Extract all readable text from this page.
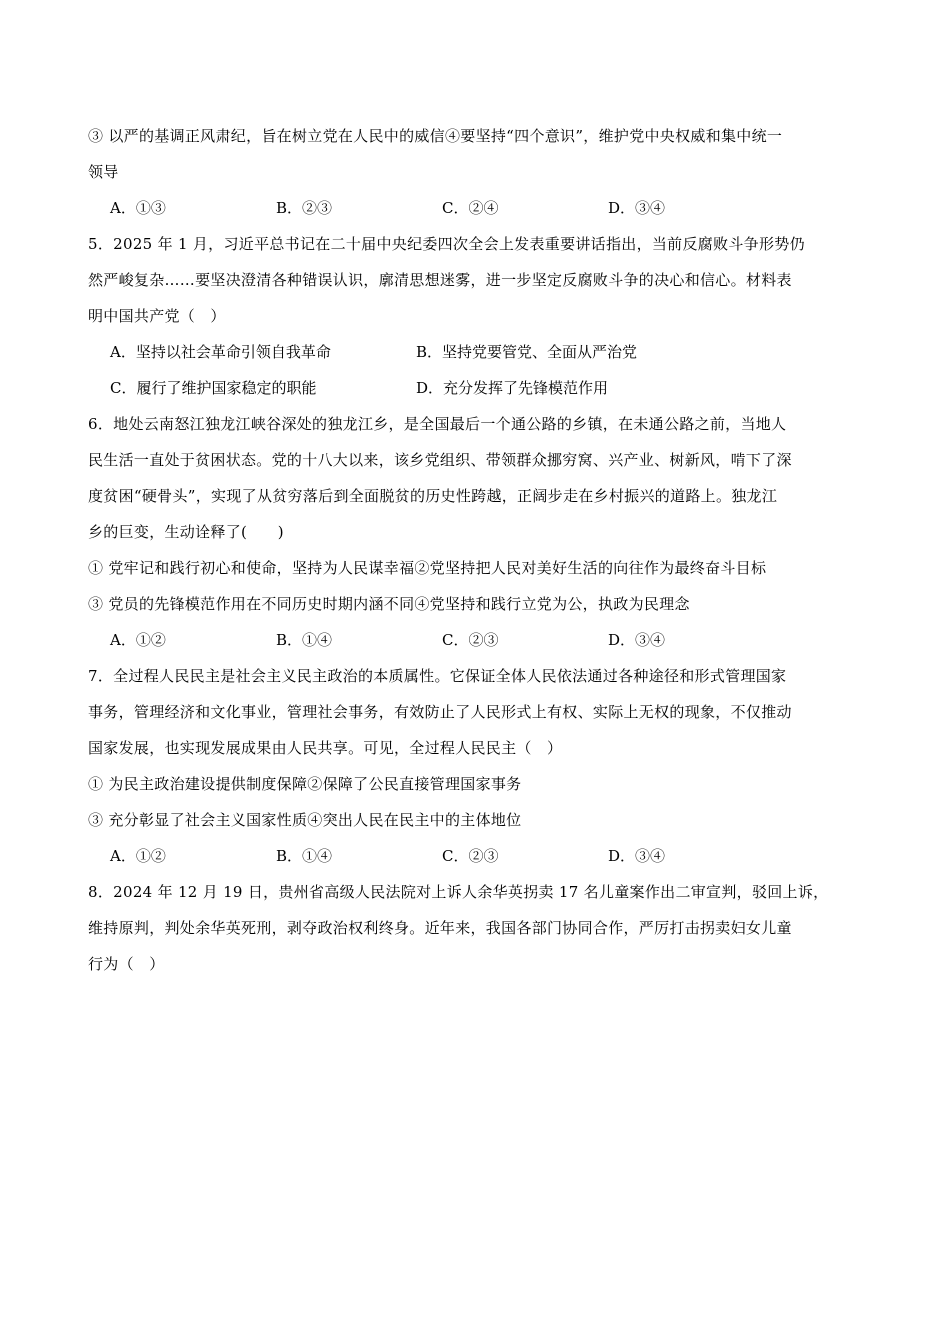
③ 以严的基调正风肃纪，旨在树立党在人民中的威信④要坚持“四个意识”，维护党中央权威和集中统一
领导
A．①③	B．②③	C．②④	D．③④
5．2025 年 1 月，习近平总书记在二十届中央纪委四次全会上发表重要讲话指出，当前反腐败斗争形势仍
然严峻复杂……要坚决澄清各种错误认识，廓清思想迷雾，进一步坚定反腐败斗争的决心和信心。材料表
明中国共产党（　）
A．坚持以社会革命引领自我革命	B．坚持党要管党、全面从严治党
C．履行了维护国家稳定的职能	D．充分发挥了先锋模范作用
6．地处云南怒江独龙江峡谷深处的独龙江乡，是全国最后一个通公路的乡镇，在未通公路之前，当地人
民生活一直处于贫困状态。党的十八大以来，该乡党组织、带领群众挪穷窝、兴产业、树新风，啃下了深
度贫困“硬骨头”，实现了从贫穷落后到全面脱贫的历史性跨越，正阔步走在乡村振兴的道路上。独龙江
乡的巨变，生动诠释了(　　)
① 党牢记和践行初心和使命，坚持为人民谋幸福②党坚持把人民对美好生活的向往作为最终奋斗目标
③ 党员的先锋模范作用在不同历史时期内涵不同④党坚持和践行立党为公，执政为民理念
A．①②	B．①④	C．②③	D．③④
7．全过程人民民主是社会主义民主政治的本质属性。它保证全体人民依法通过各种途径和形式管理国家
事务，管理经济和文化事业，管理社会事务，有效防止了人民形式上有权、实际上无权的现象，不仅推动
国家发展，也实现发展成果由人民共享。可见，全过程人民民主（　）
① 为民主政治建设提供制度保障②保障了公民直接管理国家事务
③ 充分彰显了社会主义国家性质④突出人民在民主中的主体地位
A．①②	B．①④	C．②③	D．③④
8．2024 年 12 月 19 日，贵州省高级人民法院对上诉人余华英拐卖 17 名儿童案作出二审宣判，驳回上诉，
维持原判，判处余华英死刑，剥夺政治权利终身。近年来，我国各部门协同合作，严厉打击拐卖妇女儿童
行为（　）
